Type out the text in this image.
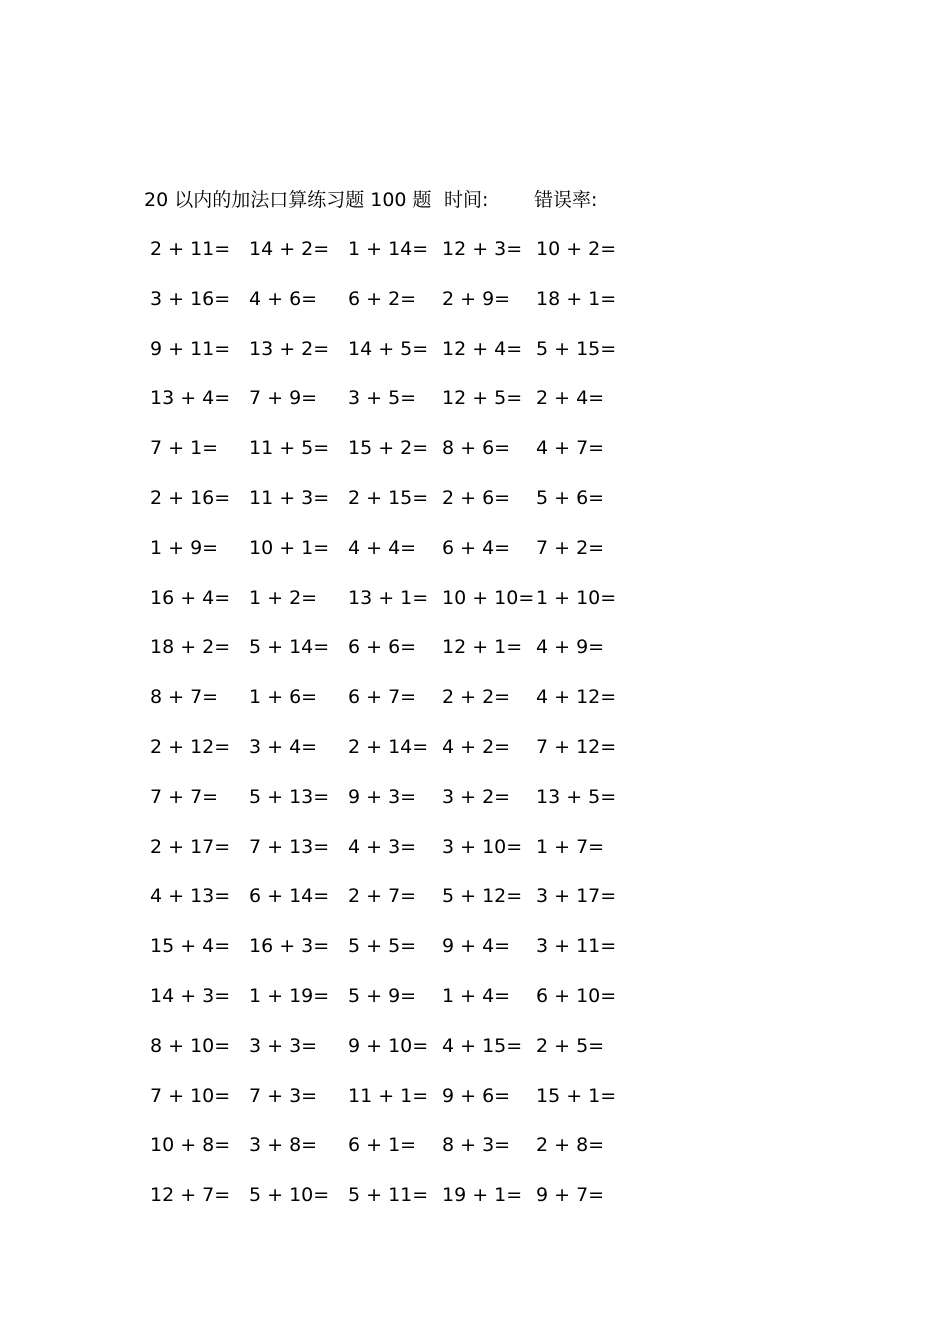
20 以内的加法口算练习题 100 题 时间: 错误率:
2 + 11= 14 + 2= 1 + 14= 12 + 3= 10 + 2=
3 + 16= 4 + 6= 6 + 2= 2 + 9= 18 + 1=
9 + 11= 13 + 2= 14 + 5= 12 + 4= 5 + 15=
13 + 4= 7 + 9= 3 + 5= 12 + 5= 2 + 4=
7 + 1= 11 + 5= 15 + 2= 8 + 6= 4 + 7=
2 + 16= 11 + 3= 2 + 15= 2 + 6= 5 + 6=
1 + 9= 10 + 1= 4 + 4= 6 + 4= 7 + 2=
16 + 4= 1 + 2= 13 + 1= 10 + 10= 1 + 10=
18 + 2= 5 + 14= 6 + 6= 12 + 1= 4 + 9=
8 + 7= 1 + 6= 6 + 7= 2 + 2= 4 + 12=
2 + 12= 3 + 4= 2 + 14= 4 + 2= 7 + 12=
7 + 7= 5 + 13= 9 + 3= 3 + 2= 13 + 5=
2 + 17= 7 + 13= 4 + 3= 3 + 10= 1 + 7=
4 + 13= 6 + 14= 2 + 7= 5 + 12= 3 + 17=
15 + 4= 16 + 3= 5 + 5= 9 + 4= 3 + 11=
14 + 3= 1 + 19= 5 + 9= 1 + 4= 6 + 10=
8 + 10= 3 + 3= 9 + 10= 4 + 15= 2 + 5=
7 + 10= 7 + 3= 11 + 1= 9 + 6= 15 + 1=
10 + 8= 3 + 8= 6 + 1= 8 + 3= 2 + 8=
12 + 7= 5 + 10= 5 + 11= 19 + 1= 9 + 7=
